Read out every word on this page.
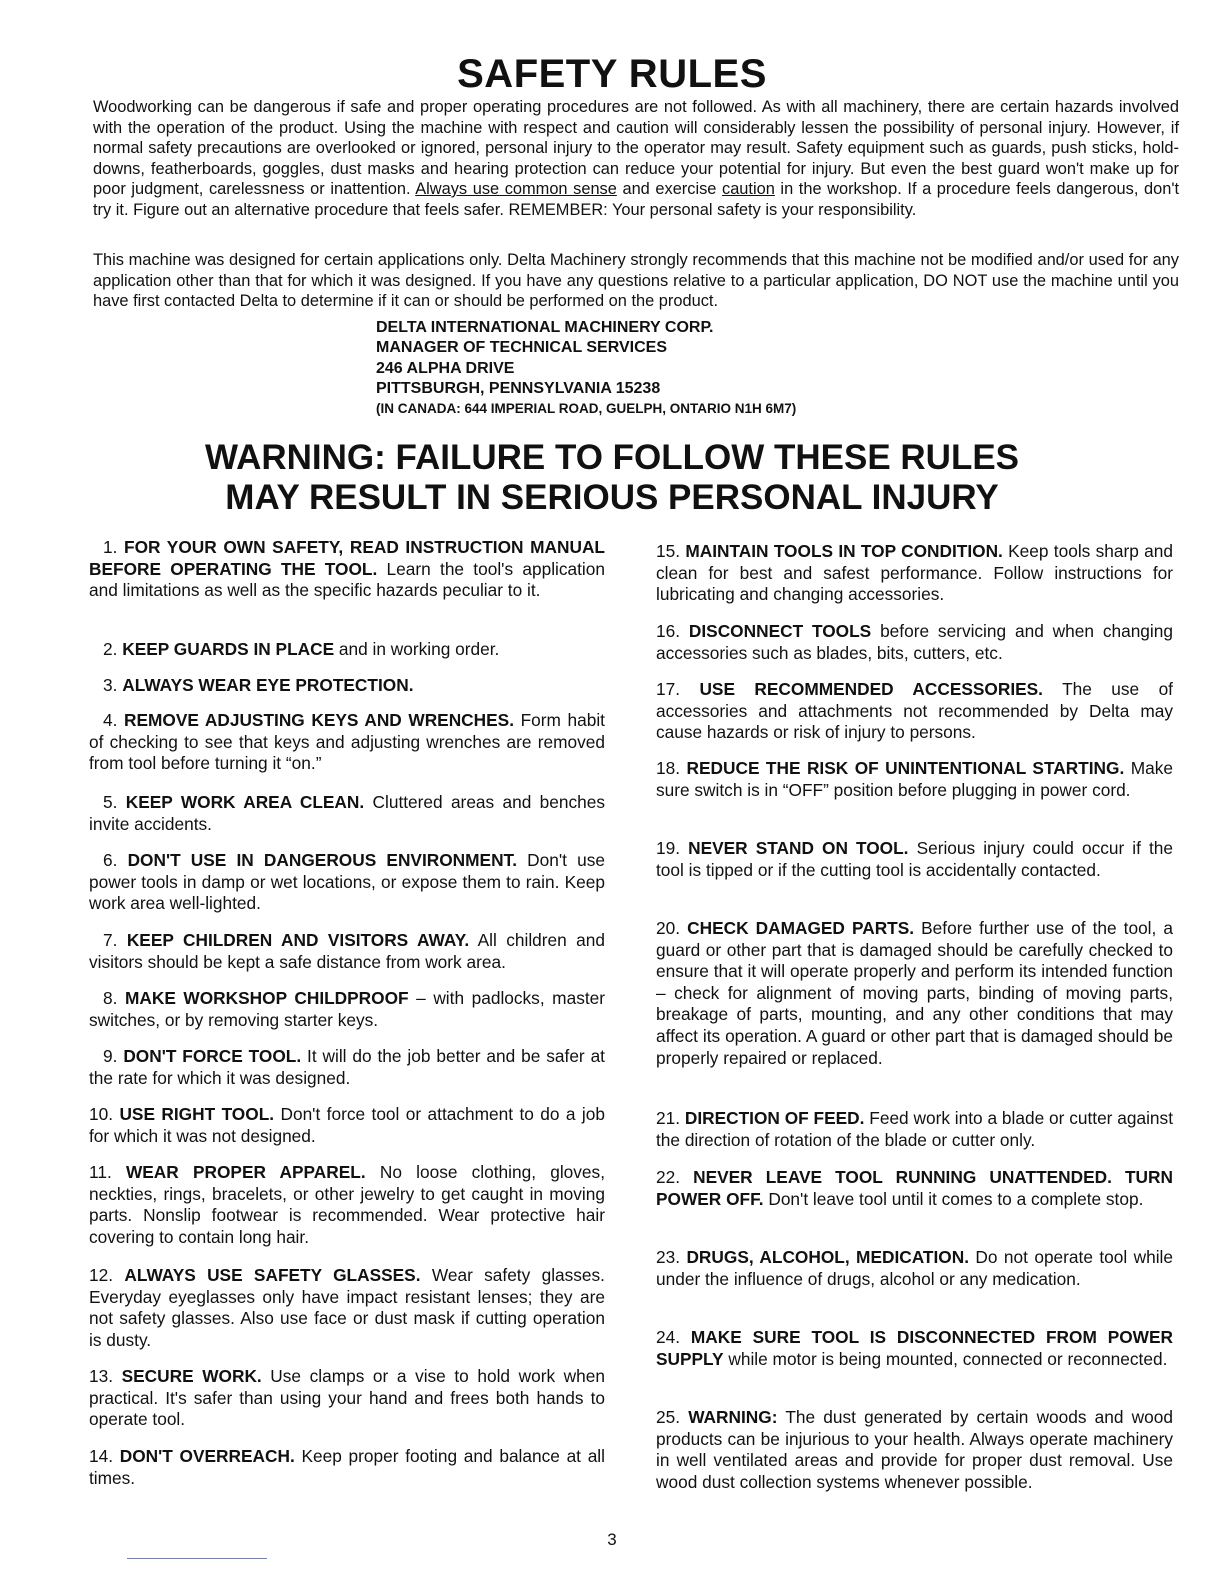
SAFETY RULES

Woodworking can be dangerous if safe and proper operating procedures are not followed. As with all machinery, there are certain hazards involved with the operation of the product. Using the machine with respect and caution will considerably lessen the possibility of personal injury. However, if normal safety precautions are overlooked or ignored, personal injury to the operator may result. Safety equipment such as guards, push sticks, hold-downs, featherboards, goggles, dust masks and hearing protection can reduce your potential for injury. But even the best guard won't make up for poor judgment, carelessness or inattention. Always use common sense and exercise caution in the workshop. If a procedure feels dangerous, don't try it. Figure out an alternative procedure that feels safer. REMEMBER: Your personal safety is your responsibility.

This machine was designed for certain applications only. Delta Machinery strongly recommends that this machine not be modified and/or used for any application other than that for which it was designed. If you have any questions relative to a particular application, DO NOT use the machine until you have first contacted Delta to determine if it can or should be performed on the product.

DELTA INTERNATIONAL MACHINERY CORP.
MANAGER OF TECHNICAL SERVICES
246 ALPHA DRIVE
PITTSBURGH, PENNSYLVANIA 15238
(IN CANADA: 644 IMPERIAL ROAD, GUELPH, ONTARIO N1H 6M7)
WARNING: FAILURE TO FOLLOW THESE RULES
MAY RESULT IN SERIOUS PERSONAL INJURY

1. FOR YOUR OWN SAFETY, READ INSTRUCTION MANUAL BEFORE OPERATING THE TOOL. Learn the tool's application and limitations as well as the specific hazards peculiar to it.

2. KEEP GUARDS IN PLACE and in working order.

3. ALWAYS WEAR EYE PROTECTION.

4. REMOVE ADJUSTING KEYS AND WRENCHES. Form habit of checking to see that keys and adjusting wrenches are removed from tool before turning it “on.”

5. KEEP WORK AREA CLEAN. Cluttered areas and benches invite accidents.

6. DON'T USE IN DANGEROUS ENVIRONMENT. Don't use power tools in damp or wet locations, or expose them to rain. Keep work area well-lighted.

7. KEEP CHILDREN AND VISITORS AWAY. All children and visitors should be kept a safe distance from work area.

8. MAKE WORKSHOP CHILDPROOF – with padlocks, master switches, or by removing starter keys.

9. DON'T FORCE TOOL. It will do the job better and be safer at the rate for which it was designed.

10. USE RIGHT TOOL. Don't force tool or attachment to do a job for which it was not designed.

11. WEAR PROPER APPAREL. No loose clothing, gloves, neckties, rings, bracelets, or other jewelry to get caught in moving parts. Nonslip footwear is recommended. Wear protective hair covering to contain long hair.

12. ALWAYS USE SAFETY GLASSES. Wear safety glasses. Everyday eyeglasses only have impact resistant lenses; they are not safety glasses. Also use face or dust mask if cutting operation is dusty.

13. SECURE WORK. Use clamps or a vise to hold work when practical. It's safer than using your hand and frees both hands to operate tool.

14. DON'T OVERREACH. Keep proper footing and balance at all times.

15. MAINTAIN TOOLS IN TOP CONDITION. Keep tools sharp and clean for best and safest performance. Follow instructions for lubricating and changing accessories.

16. DISCONNECT TOOLS before servicing and when changing accessories such as blades, bits, cutters, etc.

17. USE RECOMMENDED ACCESSORIES. The use of accessories and attachments not recommended by Delta may cause hazards or risk of injury to persons.

18. REDUCE THE RISK OF UNINTENTIONAL STARTING. Make sure switch is in “OFF” position before plugging in power cord.

19. NEVER STAND ON TOOL. Serious injury could occur if the tool is tipped or if the cutting tool is accidentally contacted.

20. CHECK DAMAGED PARTS. Before further use of the tool, a guard or other part that is damaged should be carefully checked to ensure that it will operate properly and perform its intended function – check for alignment of moving parts, binding of moving parts, breakage of parts, mounting, and any other conditions that may affect its operation. A guard or other part that is damaged should be properly repaired or replaced.

21. DIRECTION OF FEED. Feed work into a blade or cutter against the direction of rotation of the blade or cutter only.

22. NEVER LEAVE TOOL RUNNING UNATTENDED. TURN POWER OFF. Don't leave tool until it comes to a complete stop.

23. DRUGS, ALCOHOL, MEDICATION. Do not operate tool while under the influence of drugs, alcohol or any medication.

24. MAKE SURE TOOL IS DISCONNECTED FROM POWER SUPPLY while motor is being mounted, connected or reconnected.

25. WARNING: The dust generated by certain woods and wood products can be injurious to your health. Always operate machinery in well ventilated areas and provide for proper dust removal. Use wood dust collection systems whenever possible.

3
